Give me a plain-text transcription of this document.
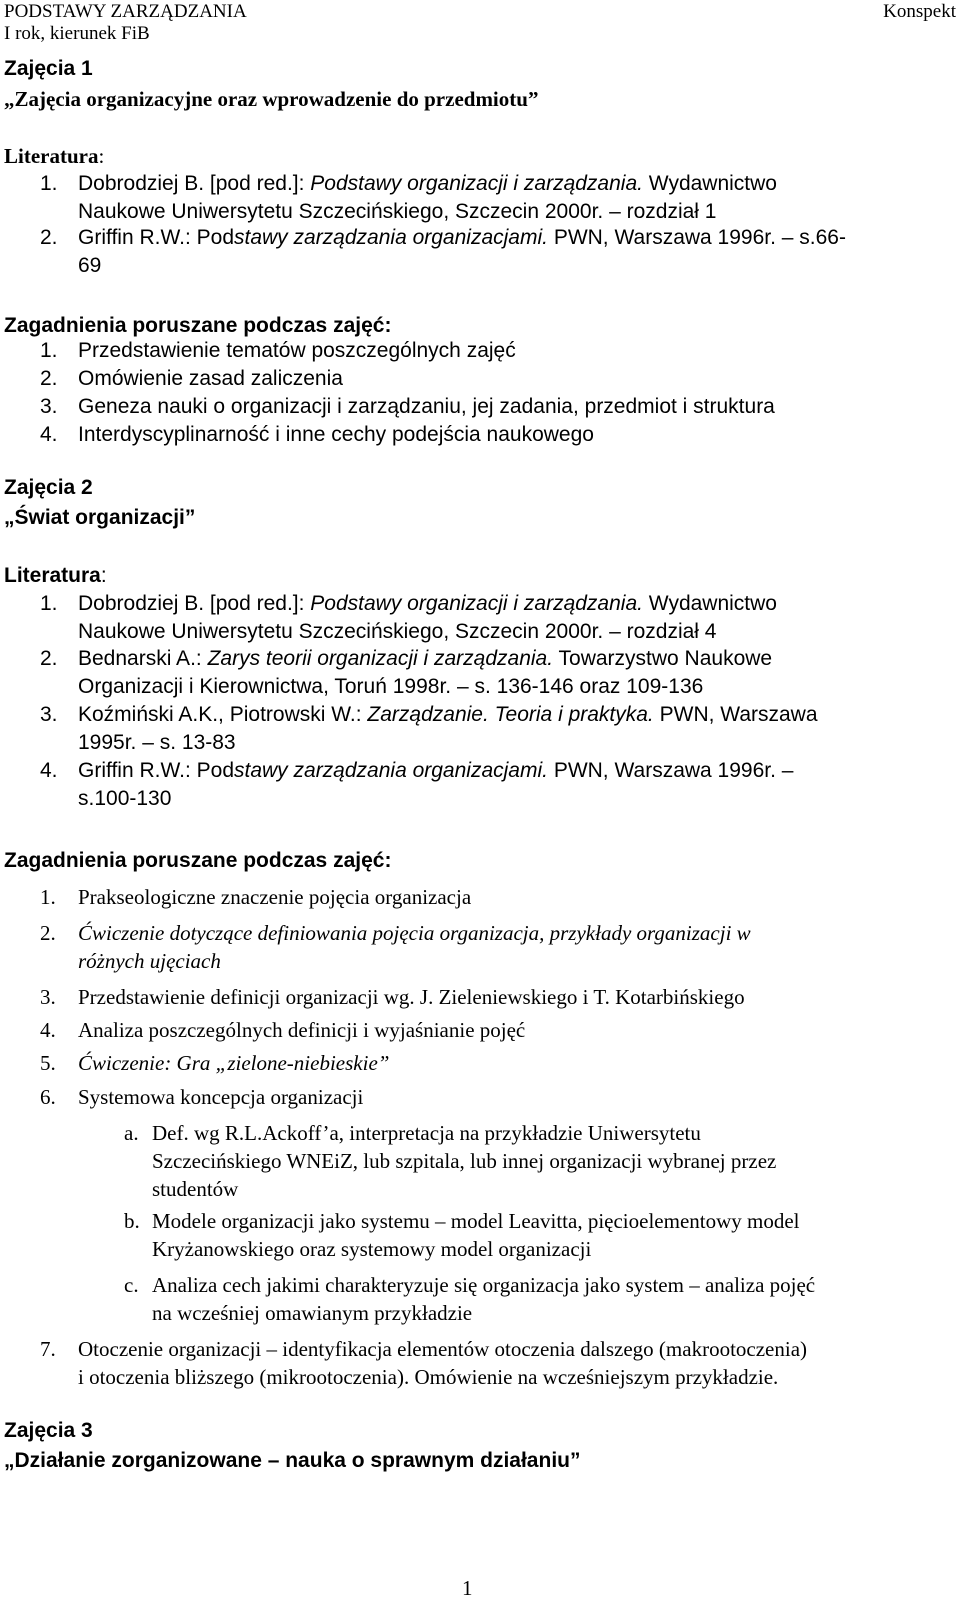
PODSTAWY ZARZĄDZANIA
I rok, kierunek FiB
Konspekt
Zajęcia 1
„Zajęcia organizacyjne oraz wprowadzenie do przedmiotu”
Literatura:
1. Dobrodziej B. [pod red.]: Podstawy organizacji i zarządzania. Wydawnictwo
Naukowe Uniwersytetu Szczecińskiego, Szczecin 2000r. – rozdział 1
2. Griffin R.W.: Podstawy zarządzania organizacjami. PWN, Warszawa 1996r. – s.66-
69
Zagadnienia poruszane podczas zajęć:
1. Przedstawienie tematów poszczególnych zajęć
2. Omówienie zasad zaliczenia
3. Geneza nauki o organizacji i zarządzaniu, jej zadania, przedmiot i struktura
4. Interdyscyplinarność i inne cechy podejścia naukowego
Zajęcia 2
„Świat organizacji”
Literatura:
1. Dobrodziej B. [pod red.]: Podstawy organizacji i zarządzania. Wydawnictwo
Naukowe Uniwersytetu Szczecińskiego, Szczecin 2000r. – rozdział 4
2. Bednarski A.: Zarys teorii organizacji i zarządzania. Towarzystwo Naukowe
Organizacji i Kierownictwa, Toruń 1998r. – s. 136-146 oraz 109-136
3. Koźmiński A.K., Piotrowski W.: Zarządzanie. Teoria i praktyka. PWN, Warszawa
1995r. – s. 13-83
4. Griffin R.W.: Podstawy zarządzania organizacjami. PWN, Warszawa 1996r. –
s.100-130
Zagadnienia poruszane podczas zajęć:
1. Prakseologiczne znaczenie pojęcia organizacja
2. Ćwiczenie dotyczące definiowania pojęcia organizacja, przykłady organizacji w
różnych ujęciach
3. Przedstawienie definicji organizacji wg. J. Zieleniewskiego i T. Kotarbińskiego
4. Analiza poszczególnych definicji i wyjaśnianie pojęć
5. Ćwiczenie: Gra „zielone-niebieskie”
6. Systemowa koncepcja organizacji
a. Def. wg R.L.Ackoff’a, interpretacja na przykładzie Uniwersytetu
Szczecińskiego WNEiZ, lub szpitala, lub innej organizacji wybranej przez
studentów
b. Modele organizacji jako systemu – model Leavitta, pięcioelementowy model
Kryżanowskiego oraz systemowy model organizacji
c. Analiza cech jakimi charakteryzuje się organizacja jako system – analiza pojęć
na wcześniej omawianym przykładzie
7. Otoczenie organizacji – identyfikacja elementów otoczenia dalszego (makrootoczenia)
i otoczenia bliższego (mikrootoczenia). Omówienie na wcześniejszym przykładzie.
Zajęcia 3
„Działanie zorganizowane – nauka o sprawnym działaniu”
1
